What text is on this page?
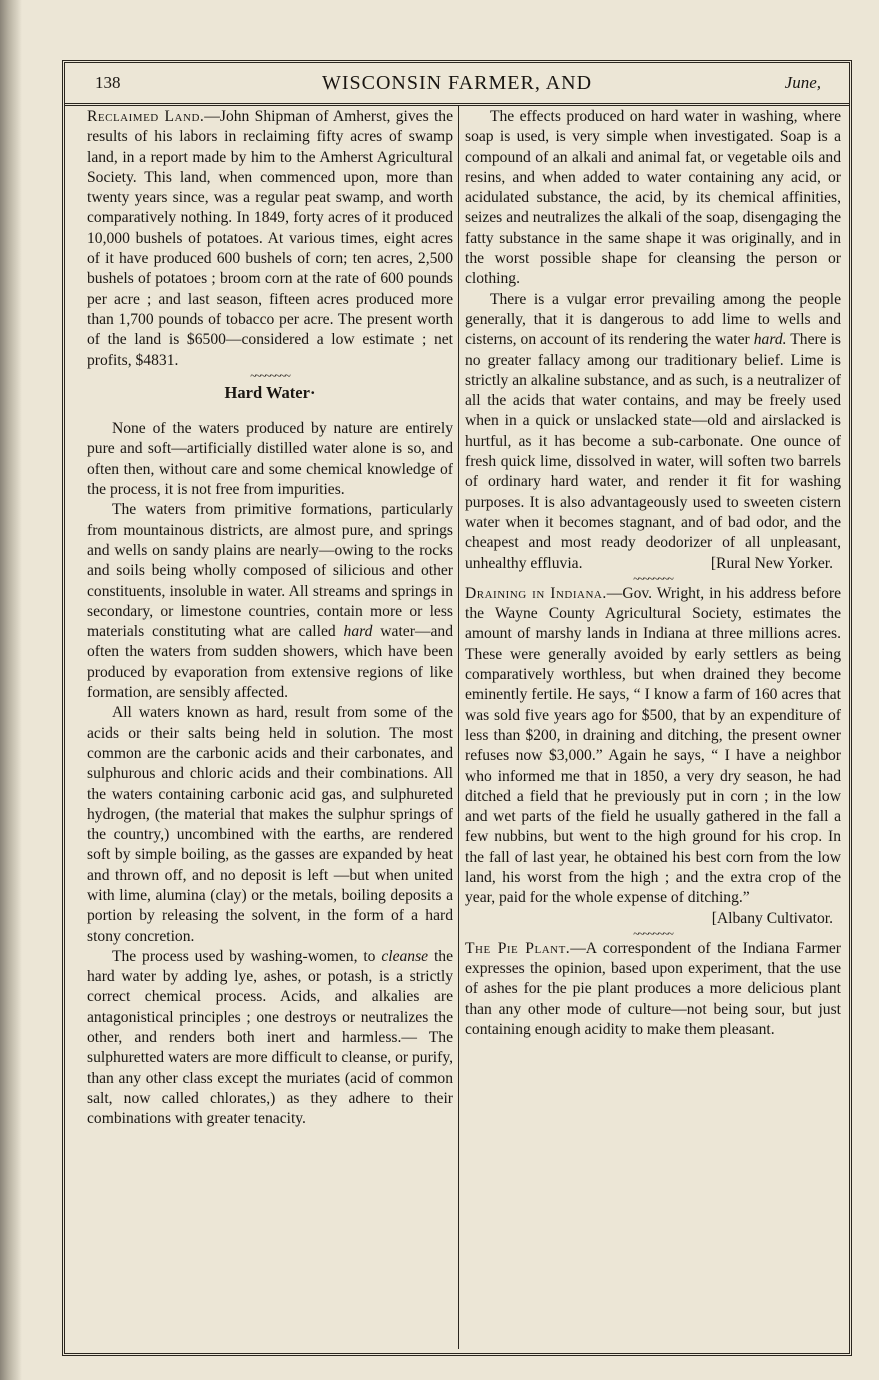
138	WISCONSIN FARMER, AND	June,

Reclaimed Land.—John Shipman of Amherst, gives the results of his labors in reclaiming fifty acres of swamp land, in a report made by him to the Amherst Agricultural Society. This land, when commenced upon, more than twenty years since, was a regular peat swamp, and worth comparatively nothing. In 1849, forty acres of it produced 10,000 bushels of potatoes. At various times, eight acres of it have produced 600 bushels of corn; ten acres, 2,500 bushels of potatoes ; broom corn at the rate of 600 pounds per acre ; and last season, fifteen acres produced more than 1,700 pounds of tobacco per acre. The present worth of the land is $6500—considered a low estimate ; net profits, $4831.

~~~~~~~~
Hard Water·

None of the waters produced by nature are entirely pure and soft—artificially distilled water alone is so, and often then, without care and some chemical knowledge of the process, it is not free from impurities.

The waters from primitive formations, particularly from mountainous districts, are almost pure, and springs and wells on sandy plains are nearly—owing to the rocks and soils being wholly composed of silicious and other constituents, insoluble in water. All streams and springs in secondary, or limestone countries, contain more or less materials constituting what are called hard water—and often the waters from sudden showers, which have been produced by evaporation from extensive regions of like formation, are sensibly affected.

All waters known as hard, result from some of the acids or their salts being held in solution. The most common are the carbonic acids and their carbonates, and sulphurous and chloric acids and their combinations. All the waters containing carbonic acid gas, and sulphureted hydrogen, (the material that makes the sulphur springs of the country,) uncombined with the earths, are rendered soft by simple boiling, as the gasses are expanded by heat and thrown off, and no deposit is left —but when united with lime, alumina (clay) or the metals, boiling deposits a portion by releasing the solvent, in the form of a hard stony concretion.

The process used by washing-women, to cleanse the hard water by adding lye, ashes, or potash, is a strictly correct chemical process. Acids, and alkalies are antagonistical principles ; one destroys or neutralizes the other, and renders both inert and harmless.— The sulphuretted waters are more difficult to cleanse, or purify, than any other class except the muriates (acid of common salt, now called chlorates,) as they adhere to their combinations with greater tenacity.

The effects produced on hard water in washing, where soap is used, is very simple when investigated. Soap is a compound of an alkali and animal fat, or vegetable oils and resins, and when added to water containing any acid, or acidulated substance, the acid, by its chemical affinities, seizes and neutralizes the alkali of the soap, disengaging the fatty substance in the same shape it was originally, and in the worst possible shape for cleansing the person or clothing.

There is a vulgar error prevailing among the people generally, that it is dangerous to add lime to wells and cisterns, on account of its rendering the water hard. There is no greater fallacy among our traditionary belief. Lime is strictly an alkaline substance, and as such, is a neutralizer of all the acids that water contains, and may be freely used when in a quick or unslacked state—old and airslacked is hurtful, as it has become a sub-carbonate. One ounce of fresh quick lime, dissolved in water, will soften two barrels of ordinary hard water, and render it fit for washing purposes. It is also advantageously used to sweeten cistern water when it becomes stagnant, and of bad odor, and the cheapest and most ready deodorizer of all unpleasant, unhealthy effluvia.	[Rural New Yorker.

~~~~~~~~

Draining in Indiana.—Gov. Wright, in his address before the Wayne County Agricultural Society, estimates the amount of marshy lands in Indiana at three millions acres. These were generally avoided by early settlers as being comparatively worthless, but when drained they become eminently fertile. He says, “ I know a farm of 160 acres that was sold five years ago for $500, that by an expenditure of less than $200, in draining and ditching, the present owner refuses now $3,000.” Again he says, “ I have a neighbor who informed me that in 1850, a very dry season, he had ditched a field that he previously put in corn ; in the low and wet parts of the field he usually gathered in the fall a few nubbins, but went to the high ground for his crop. In the fall of last year, he obtained his best corn from the low land, his worst from the high ; and the extra crop of the year, paid for the whole expense of ditching.”

[Albany Cultivator.
~~~~~~~~

The Pie Plant.—A correspondent of the Indiana Farmer expresses the opinion, based upon experiment, that the use of ashes for the pie plant produces a more delicious plant than any other mode of culture—not being sour, but just containing enough acidity to make them pleasant.
